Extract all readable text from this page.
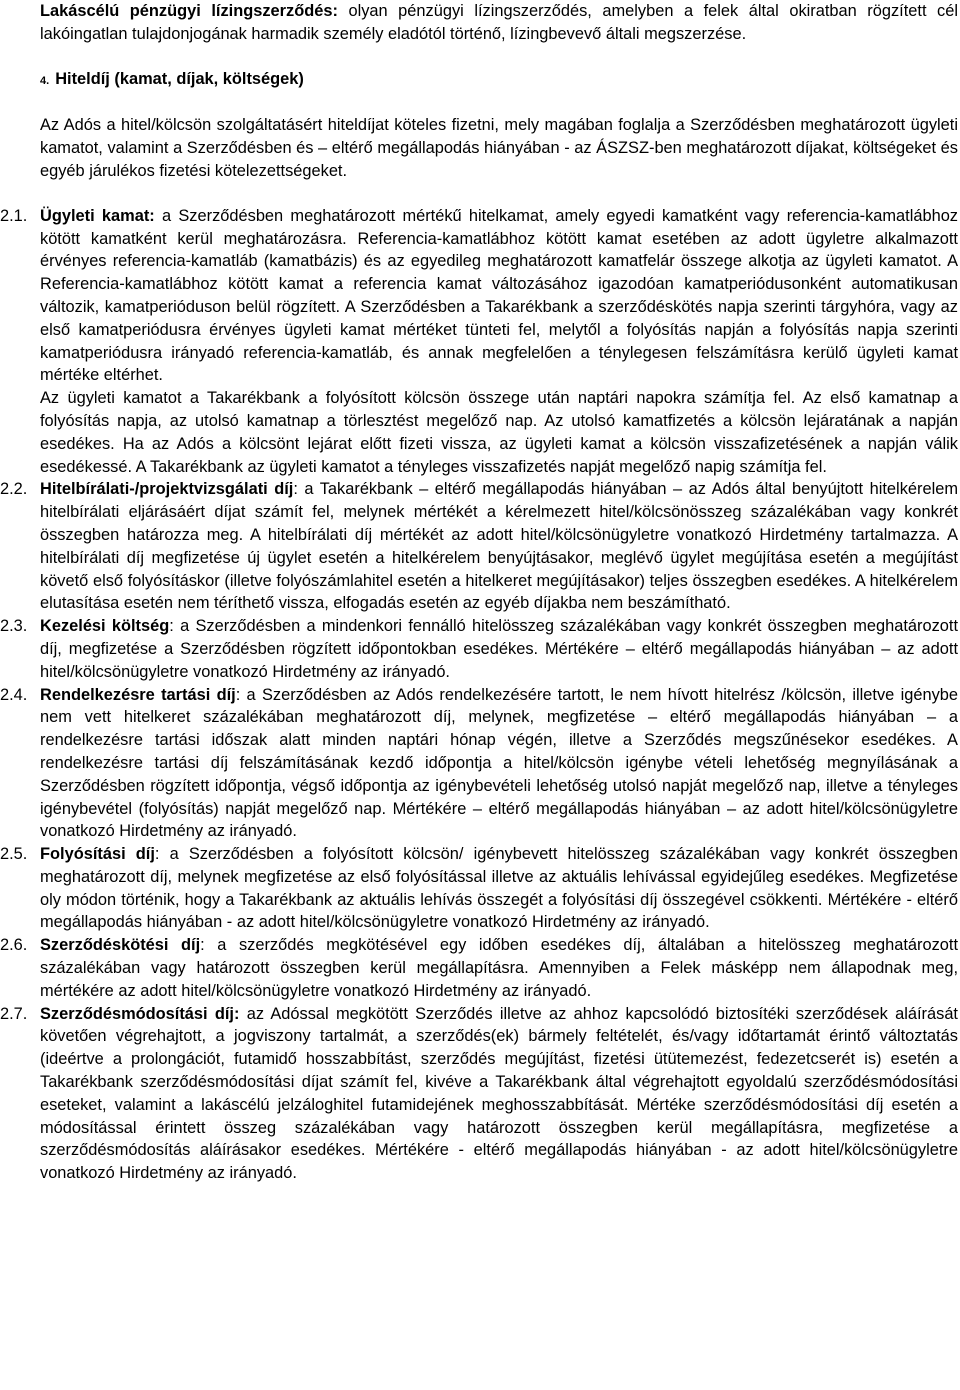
Lakáscélú pénzügyi lízingszerződés: olyan pénzügyi lízingszerződés, amelyben a felek által okiratban rögzített cél lakóingatlan tulajdonjogának harmadik személy eladótól történő, lízingbevevő általi megszerzése.

4. Hiteldíj (kamat, díjak, költségek)

Az Adós a hitel/kölcsön szolgáltatásért hiteldíjat köteles fizetni, mely magában foglalja a Szerződésben meghatározott ügyleti kamatot, valamint a Szerződésben és – eltérő megállapodás hiányában - az ÁSZSZ-ben meghatározott díjakat, költségeket és egyéb járulékos fizetési kötelezettségeket.

2.1. Ügyleti kamat: a Szerződésben meghatározott mértékű hitelkamat, amely egyedi kamatként vagy referencia-kamatlábhoz kötött kamatként kerül meghatározásra. Referencia-kamatlábhoz kötött kamat esetében az adott ügyletre alkalmazott érvényes referencia-kamatláb (kamatbázis) és az egyedileg meghatározott kamatfelár összege alkotja az ügyleti kamatot. A Referencia-kamatlábhoz kötött kamat a referencia kamat változásához igazodóan kamatperiódusonként automatikusan változik, kamatperióduson belül rögzített. A Szerződésben a Takarékbank a szerződéskötés napja szerinti tárgyhóra, vagy az első kamatperiódusra érvényes ügyleti kamat mértéket tünteti fel, melytől a folyósítás napján a folyósítás napja szerinti kamatperiódusra irányadó referencia-kamatláb, és annak megfelelően a ténylegesen felszámításra kerülő ügyleti kamat mértéke eltérhet.

Az ügyleti kamatot a Takarékbank a folyósított kölcsön összege után naptári napokra számítja fel. Az első kamatnap a folyósítás napja, az utolsó kamatnap a törlesztést megelőző nap. Az utolsó kamatfizetés a kölcsön lejáratának a napján esedékes. Ha az Adós a kölcsönt lejárat előtt fizeti vissza, az ügyleti kamat a kölcsön visszafizetésének a napján válik esedékessé. A Takarékbank az ügyleti kamatot a tényleges visszafizetés napját megelőző napig számítja fel.

2.2. Hitelbírálati-/projektvizsgálati díj: a Takarékbank – eltérő megállapodás hiányában – az Adós által benyújtott hitelkérelem hitelbírálati eljárásáért díjat számít fel, melynek mértékét a kérelmezett hitel/kölcsönösszeg százalékában vagy konkrét összegben határozza meg. A hitelbírálati díj mértékét az adott hitel/kölcsönügyletre vonatkozó Hirdetmény tartalmazza. A hitelbírálati díj megfizetése új ügylet esetén a hitelkérelem benyújtásakor, meglévő ügylet megújítása esetén a megújítást követő első folyósításkor (illetve folyószámlahitel esetén a hitelkeret megújításakor) teljes összegben esedékes. A hitelkérelem elutasítása esetén nem téríthető vissza, elfogadás esetén az egyéb díjakba nem beszámítható.

2.3. Kezelési költség: a Szerződésben a mindenkori fennálló hitelösszeg százalékában vagy konkrét összegben meghatározott díj, megfizetése a Szerződésben rögzített időpontokban esedékes. Mértékére – eltérő megállapodás hiányában – az adott hitel/kölcsönügyletre vonatkozó Hirdetmény az irányadó.

2.4. Rendelkezésre tartási díj: a Szerződésben az Adós rendelkezésére tartott, le nem hívott hitelrész /kölcsön, illetve igénybe nem vett hitelkeret százalékában meghatározott díj, melynek, megfizetése – eltérő megállapodás hiányában – a rendelkezésre tartási időszak alatt minden naptári hónap végén, illetve a Szerződés megszűnésekor esedékes. A rendelkezésre tartási díj felszámításának kezdő időpontja a hitel/kölcsön igénybe vételi lehetőség megnyílásának a Szerződésben rögzített időpontja, végső időpontja az igénybevételi lehetőség utolsó napját megelőző nap, illetve a tényleges igénybevétel (folyósítás) napját megelőző nap. Mértékére – eltérő megállapodás hiányában – az adott hitel/kölcsönügyletre vonatkozó Hirdetmény az irányadó.

2.5. Folyósítási díj: a Szerződésben a folyósított kölcsön/ igénybevett hitelösszeg százalékában vagy konkrét összegben meghatározott díj, melynek megfizetése az első folyósítással illetve az aktuális lehívással egyidejűleg esedékes. Megfizetése oly módon történik, hogy a Takarékbank az aktuális lehívás összegét a folyósítási díj összegével csökkenti. Mértékére - eltérő megállapodás hiányában - az adott hitel/kölcsönügyletre vonatkozó Hirdetmény az irányadó.

2.6. Szerződéskötési díj: a szerződés megkötésével egy időben esedékes díj, általában a hitelösszeg meghatározott százalékában vagy határozott összegben kerül megállapításra. Amennyiben a Felek másképp nem állapodnak meg, mértékére az adott hitel/kölcsönügyletre vonatkozó Hirdetmény az irányadó.

2.7. Szerződésmódosítási díj: az Adóssal megkötött Szerződés illetve az ahhoz kapcsolódó biztosítéki szerződések aláírását követően végrehajtott, a jogviszony tartalmát, a szerződés(ek) bármely feltételét, és/vagy időtartamát érintő változtatás (ideértve a prolongációt, futamidő hosszabbítást, szerződés megújítást, fizetési ütütemezést, fedezetcserét is) esetén a Takarékbank szerződésmódosítási díjat számít fel, kivéve a Takarékbank által végrehajtott egyoldalú szerződésmódosítási eseteket, valamint a lakáscélú jelzáloghitel futamidejének meghosszabbítását. Mértéke szerződésmódosítási díj esetén a módosítással érintett összeg százalékában vagy határozott összegben kerül megállapításra, megfizetése a szerződésmódosítás aláírásakor esedékes. Mértékére - eltérő megállapodás hiányában - az adott hitel/kölcsönügyletre vonatkozó Hirdetmény az irányadó.
